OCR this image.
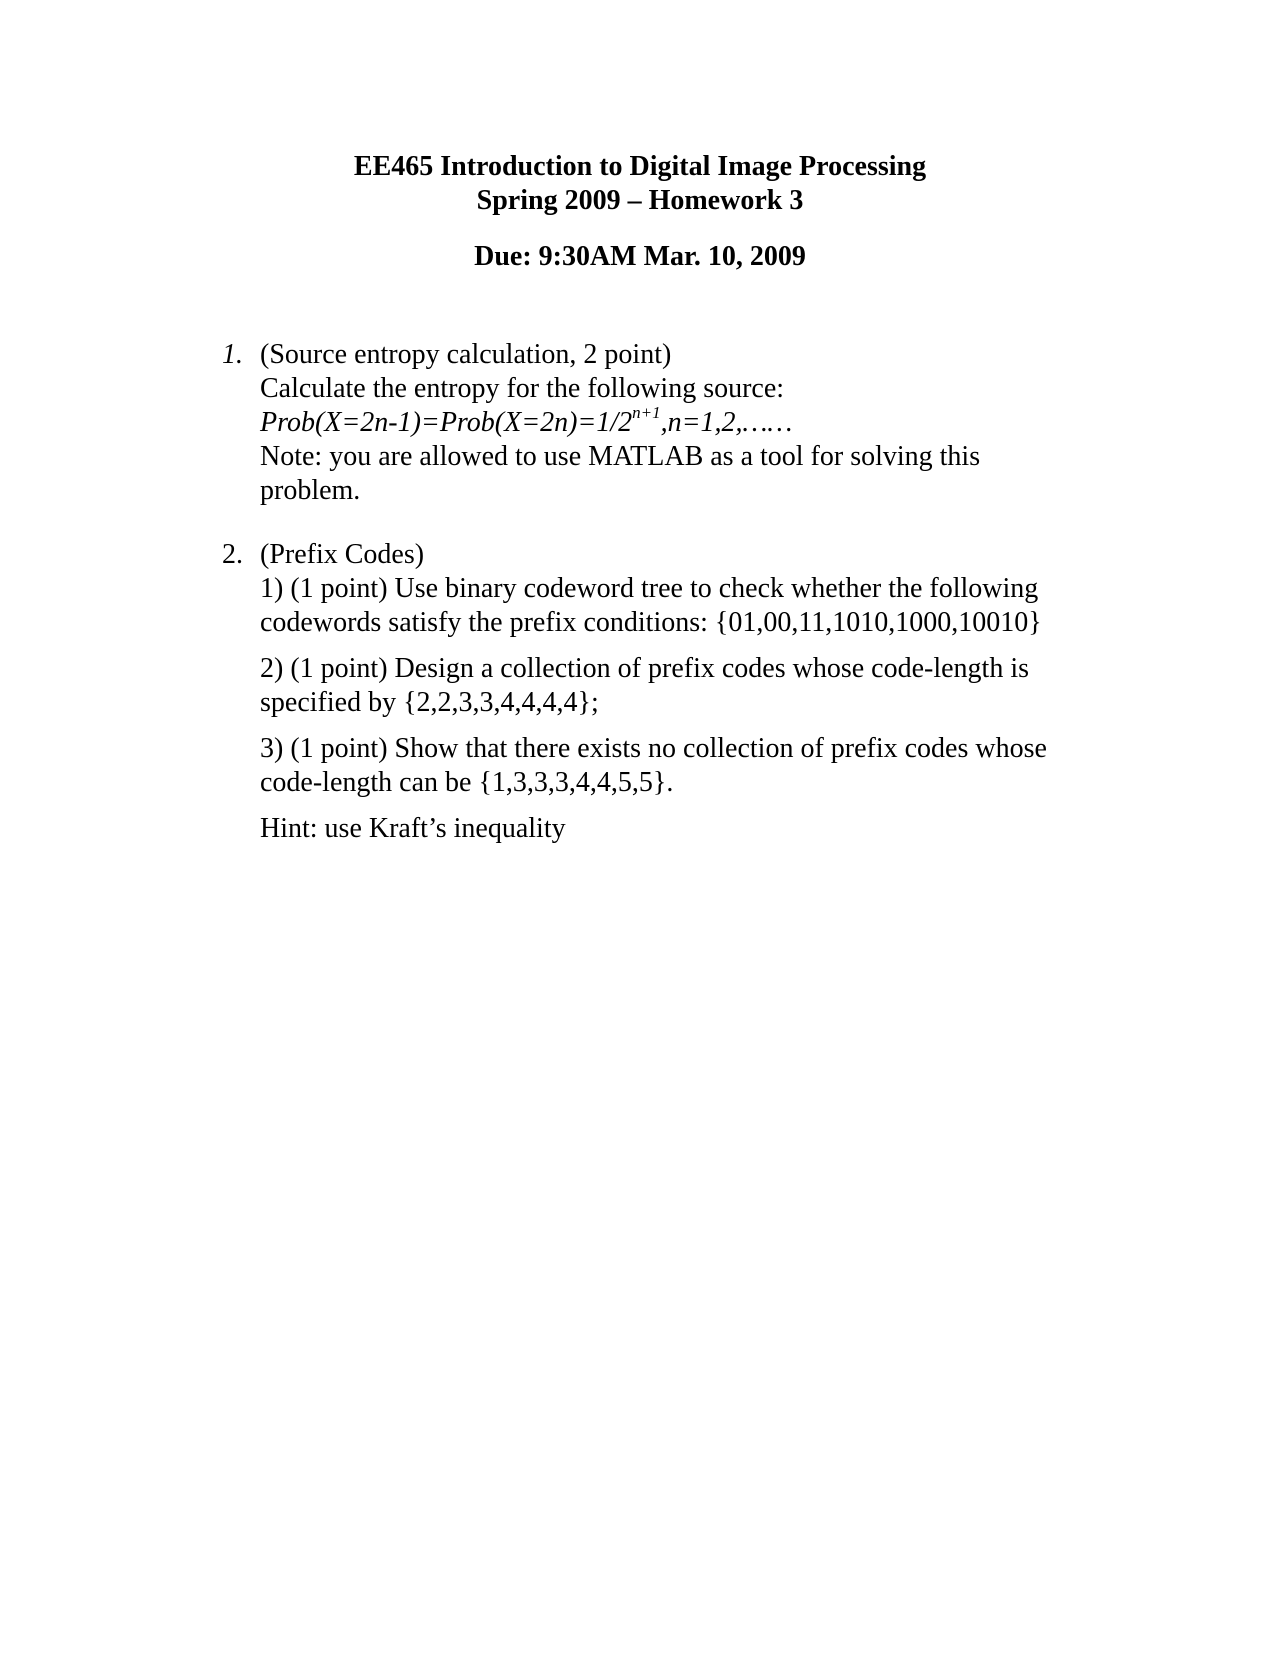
EE465 Introduction to Digital Image Processing
Spring 2009 – Homework 3
Due: 9:30AM Mar. 10, 2009
1. (Source entropy calculation, 2 point)
Calculate the entropy for the following source:
$Prob(X=2n-1)=Prob(X=2n)=1/2^{n+1},n=1,2,\dots\dots$
Note: you are allowed to use MATLAB as a tool for solving this
problem.
2. (Prefix Codes)
1) (1 point) Use binary codeword tree to check whether the following
codewords satisfy the prefix conditions: {01,00,11,1010,1000,10010}
2) (1 point) Design a collection of prefix codes whose code-length is
specified by {2,2,3,3,4,4,4,4};
3) (1 point) Show that there exists no collection of prefix codes whose
code-length can be {1,3,3,3,4,4,5,5}.
Hint: use Kraft’s inequality
